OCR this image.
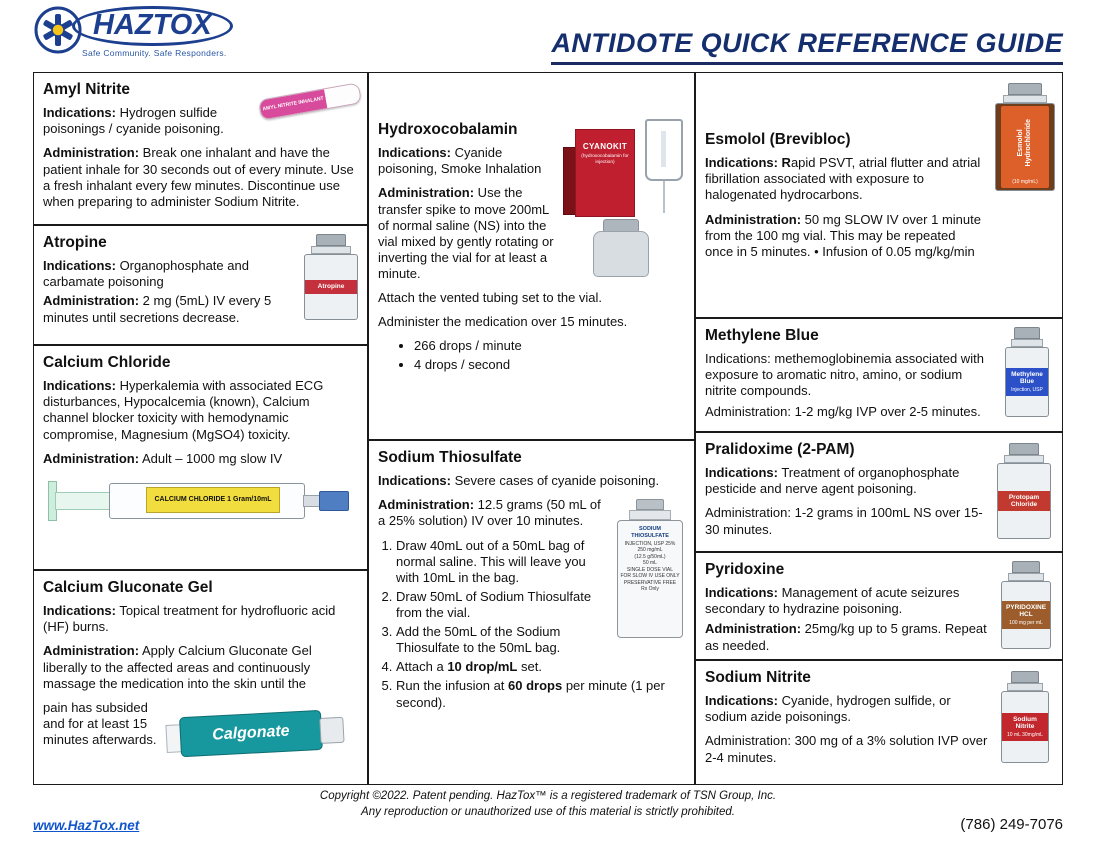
HAZTOX
Safe Community. Safe Responders.	ANTIDOTE QUICK REFERENCE GUIDE
AMYL NITRITE INHALANT
Amyl Nitrite

Indications: Hydrogen sulfide poisonings / cyanide poisoning.

Administration: Break one inhalant and have the patient inhale for 30 seconds out of every minute. Use a fresh inhalant every few minutes. Discontinue use when preparing to administer Sodium Nitrite.

Atropine
Atropine

Indications: Organophosphate and carbamate poisoning

Administration: 2 mg (5mL) IV every 5 minutes until secretions decrease.

Calcium Chloride

Indications: Hyperkalemia with associated ECG disturbances, Hypocalcemia (known), Calcium channel blocker toxicity with hemodynamic compromise, Magnesium (MgSO4) toxicity.

Administration: Adult – 1000 mg slow IV

CALCIUM CHLORIDE 1 Gram/10mL
Calcium Gluconate Gel

Indications: Topical treatment for hydrofluoric acid (HF) burns.

Administration: Apply Calcium Gluconate Gel liberally to the affected areas and continuously massage the medication into the skin until the

Calgonate

pain has subsided and for at least 15 minutes afterwards.

CYANOKIT
(hydroxocobalamin for injection)
Hydroxocobalamin

Indications: Cyanide poisoning, Smoke Inhalation

Administration: Use the transfer spike to move 200mL of normal saline (NS) into the vial mixed by gently rotating or inverting the vial for at least a minute.

Attach the vented tubing set to the vial.

Administer the medication over 15 minutes.

• 266 drops / minute
• 4 drops / second
Sodium Thiosulfate

Indications: Severe cases of cyanide poisoning.

SODIUM THIOSULFATE
INJECTION, USP 25%
250 mg/mL
(12.5 g/50mL)
50 mL
SINGLE DOSE VIAL
FOR SLOW IV USE ONLY
PRESERVATIVE FREE
Rx Only

Administration: 12.5 grams (50 mL of a 25% solution) IV over 10 minutes.

1. Draw 40mL out of a 50mL bag of normal saline. This will leave you with 10mL in the bag.
2. Draw 50mL of Sodium Thiosulfate from the vial.
3. Add the 50mL of the Sodium Thiosulfate to the 50mL bag.
4. Attach a 10 drop/mL set.
5. Run the infusion at 60 drops per minute (1 per second).
Esmolol Hydrochloride
(10 mg/mL)
Esmolol (Brevibloc)

Indications: Rapid PSVT, atrial flutter and atrial fibrillation associated with exposure to halogenated hydrocarbons.

Administration: 50 mg SLOW IV over 1 minute from the 100 mg vial. This may be repeated once in 5 minutes. • Infusion of 0.05 mg/kg/min

Methylene Blue
Injection, USP
Methylene Blue

Indications: methemoglobinemia associated with exposure to aromatic nitro, amino, or sodium nitrite compounds.

Administration: 1-2 mg/kg IVP over 2-5 minutes.

Protopam Chloride
Pralidoxime (2-PAM)

Indications: Treatment of organophosphate pesticide and nerve agent poisoning.

Administration: 1-2 grams in 100mL NS over 15-30 minutes.

PYRIDOXINE HCL
100 mg per mL
Pyridoxine

Indications: Management of acute seizures secondary to hydrazine poisoning.

Administration: 25mg/kg up to 5 grams. Repeat as needed.

Sodium Nitrite
10 mL 30mg/mL
Sodium Nitrite

Indications: Cyanide, hydrogen sulfide, or sodium azide poisonings.

Administration: 300 mg of a 3% solution IVP over 2-4 minutes.

Copyright ©2022. Patent pending. HazTox™ is a registered trademark of TSN Group, Inc.
Any reproduction or unauthorized use of this material is strictly prohibited.
www.HazTox.net	(786) 249-7076
